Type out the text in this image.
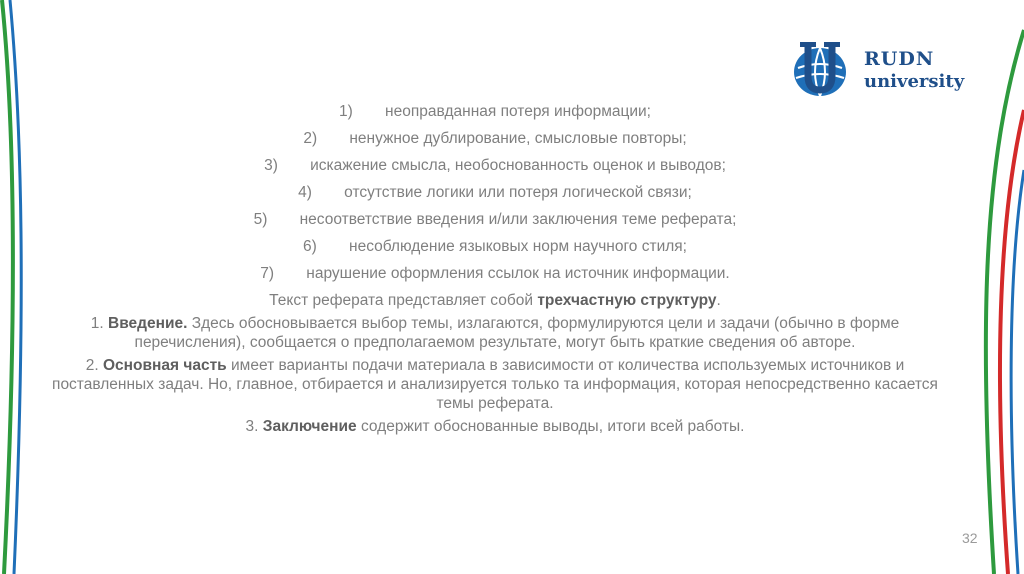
RUDN
university
1) неоправданная потеря информации;
2) ненужное дублирование, смысловые повторы;
3) искажение смысла, необоснованность оценок и выводов;
4) отсутствие логики или потеря логической связи;
5) несоответствие введения и/или заключения теме реферата;
6) несоблюдение языковых норм научного стиля;
7) нарушение оформления ссылок на источник информации.

Текст реферата представляет собой трехчастную структуру.

1. Введение. Здесь обосновывается выбор темы, излагаются, формулируются цели и задачи (обычно в форме перечисления), сообщается о предполагаемом результате, могут быть краткие сведения об авторе.

2. Основная часть имеет варианты подачи материала в зависимости от количества используемых источников и поставленных задач. Но, главное, отбирается и анализируется только та информация, которая непосредственно касается темы реферата.

3. Заключение содержит обоснованные выводы, итоги всей работы.

32
